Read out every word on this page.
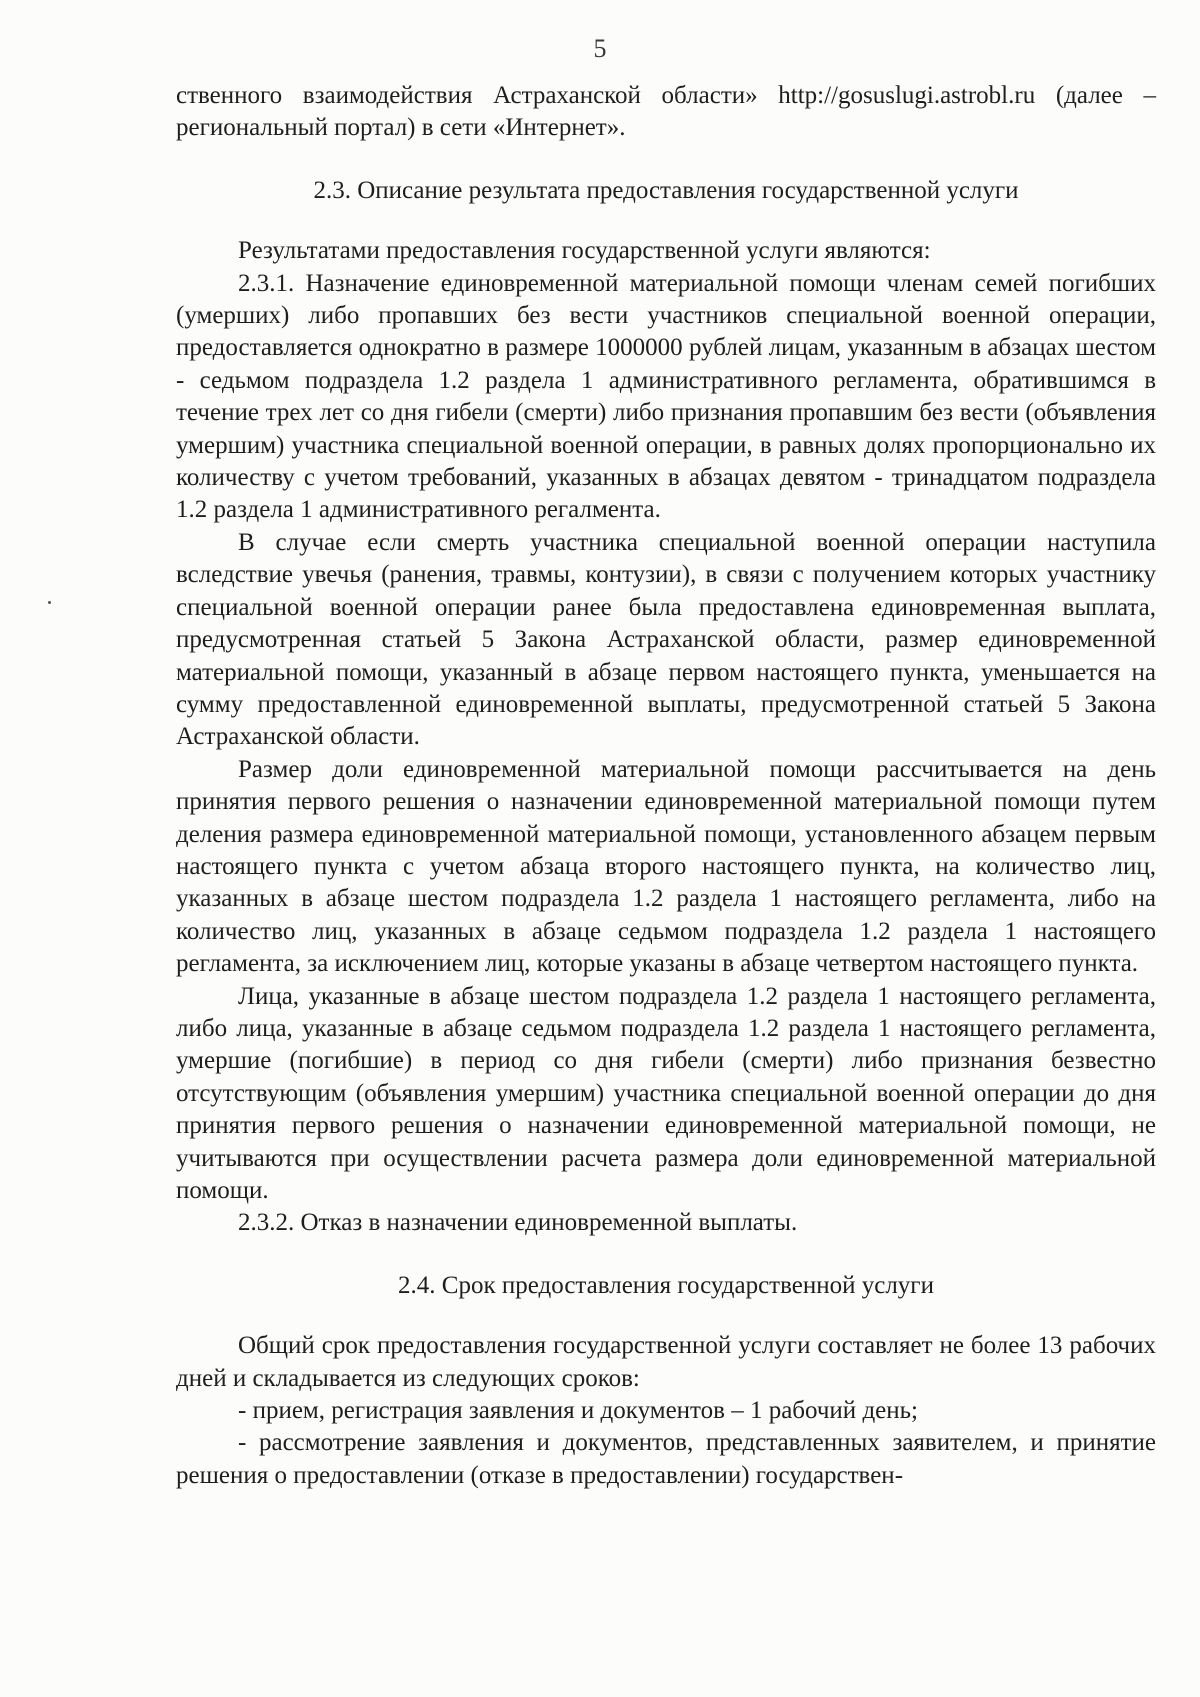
5

ственного взаимодействия Астраханской области» http://gosuslugi.astrobl.ru (далее – региональный портал) в сети «Интернет».

2.3. Описание результата предоставления государственной услуги

Результатами предоставления государственной услуги являются:

2.3.1. Назначение единовременной материальной помощи членам семей погибших (умерших) либо пропавших без вести участников специальной военной операции, предоставляется однократно в размере 1000000 рублей лицам, указанным в абзацах шестом - седьмом подраздела 1.2 раздела 1 административного регламента, обратившимся в течение трех лет со дня гибели (смерти) либо признания пропавшим без вести (объявления умершим) участника специальной военной операции, в равных долях пропорционально их количеству с учетом требований, указанных в абзацах девятом - тринадцатом подраздела 1.2 раздела 1 административного регалмента.

В случае если смерть участника специальной военной операции наступила вследствие увечья (ранения, травмы, контузии), в связи с получением которых участнику специальной военной операции ранее была предоставлена единовременная выплата, предусмотренная статьей 5 Закона Астраханской области, размер единовременной материальной помощи, указанный в абзаце первом настоящего пункта, уменьшается на сумму предоставленной единовременной выплаты, предусмотренной статьей 5 Закона Астраханской области.

Размер доли единовременной материальной помощи рассчитывается на день принятия первого решения о назначении единовременной материальной помощи путем деления размера единовременной материальной помощи, установленного абзацем первым настоящего пункта с учетом абзаца второго настоящего пункта, на количество лиц, указанных в абзаце шестом подраздела 1.2 раздела 1 настоящего регламента, либо на количество лиц, указанных в абзаце седьмом подраздела 1.2 раздела 1 настоящего регламента, за исключением лиц, которые указаны в абзаце четвертом настоящего пункта.

Лица, указанные в абзаце шестом подраздела 1.2 раздела 1 настоящего регламента, либо лица, указанные в абзаце седьмом подраздела 1.2 раздела 1 настоящего регламента, умершие (погибшие) в период со дня гибели (смерти) либо признания безвестно отсутствующим (объявления умершим) участника специальной военной операции до дня принятия первого решения о назначении единовременной материальной помощи, не учитываются при осуществлении расчета размера доли единовременной материальной помощи.

2.3.2. Отказ в назначении единовременной выплаты.

2.4. Срок предоставления государственной услуги

Общий срок предоставления государственной услуги составляет не более 13 рабочих дней и складывается из следующих сроков:

- прием, регистрация заявления и документов – 1 рабочий день;

- рассмотрение заявления и документов, представленных заявителем, и принятие решения о предоставлении (отказе в предоставлении) государствен-
